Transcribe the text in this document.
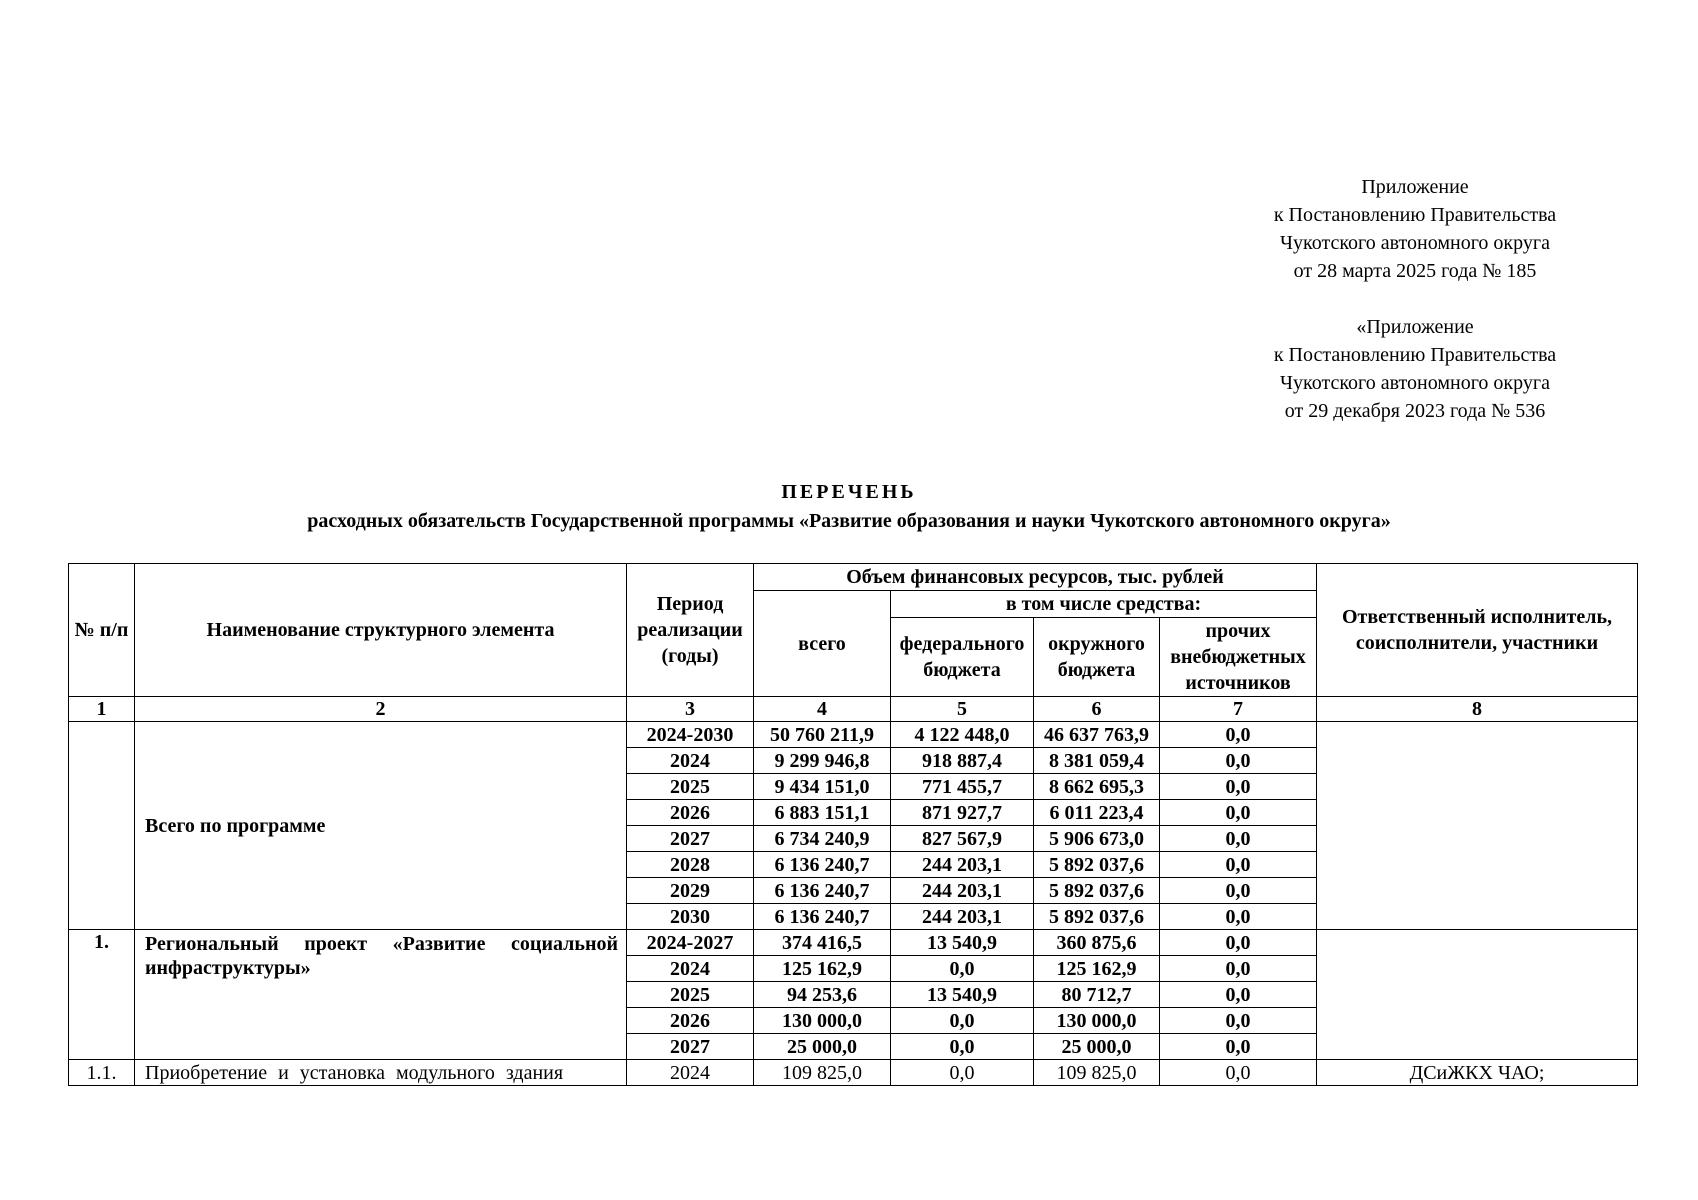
Приложение
к Постановлению Правительства
Чукотского автономного округа
от 28 марта 2025 года № 185
«Приложение
к Постановлению Правительства
Чукотского автономного округа
от 29 декабря 2023 года № 536
ПЕРЕЧЕНЬ
расходных обязательств Государственной программы «Развитие образования и науки Чукотского автономного округа»
№ п/п	Наименование структурного элемента	Период реализации (годы)	Объем финансовых ресурсов, тыс. рублей				Ответственный исполнитель, соисполнители, участники
			всего	в том числе средства:			
				федерального бюджета	окружного бюджета	прочих внебюджетных источников	

1	2	3	4	5	6	7	8
	Всего по программе	2024-2030	50 760 211,9	4 122 448,0	46 637 763,9	0,0	
		2024	9 299 946,8	918 887,4	8 381 059,4	0,0	
		2025	9 434 151,0	771 455,7	8 662 695,3	0,0	
		2026	6 883 151,1	871 927,7	6 011 223,4	0,0	
		2027	6 734 240,9	827 567,9	5 906 673,0	0,0	
		2028	6 136 240,7	244 203,1	5 892 037,6	0,0	
		2029	6 136 240,7	244 203,1	5 892 037,6	0,0	
		2030	6 136 240,7	244 203,1	5 892 037,6	0,0	
1.	Региональный проект «Развитие социальной инфраструктуры»	2024-2027	374 416,5	13 540,9	360 875,6	0,0	
		2024	125 162,9	0,0	125 162,9	0,0	
		2025	94 253,6	13 540,9	80 712,7	0,0	
		2026	130 000,0	0,0	130 000,0	0,0	
		2027	25 000,0	0,0	25 000,0	0,0	
1.1.	Приобретение и установка модульного здания	2024	109 825,0	0,0	109 825,0	0,0	ДСиЖКХ ЧАО;
